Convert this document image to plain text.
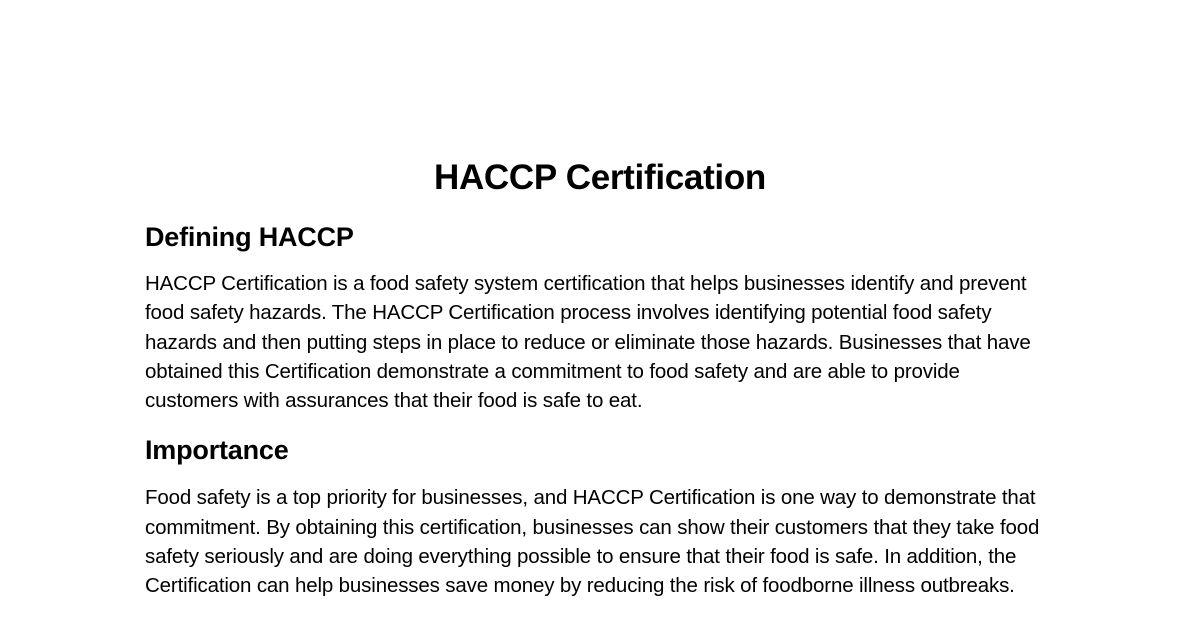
HACCP Certification
Defining HACCP

HACCP Certification is a food safety system certification that helps businesses identify and prevent food safety hazards. The HACCP Certification process involves identifying potential food safety hazards and then putting steps in place to reduce or eliminate those hazards. Businesses that have obtained this Certification demonstrate a commitment to food safety and are able to provide customers with assurances that their food is safe to eat.

Importance

Food safety is a top priority for businesses, and HACCP Certification is one way to demonstrate that commitment. By obtaining this certification, businesses can show their customers that they take food safety seriously and are doing everything possible to ensure that their food is safe. In addition, the Certification can help businesses save money by reducing the risk of foodborne illness outbreaks.
